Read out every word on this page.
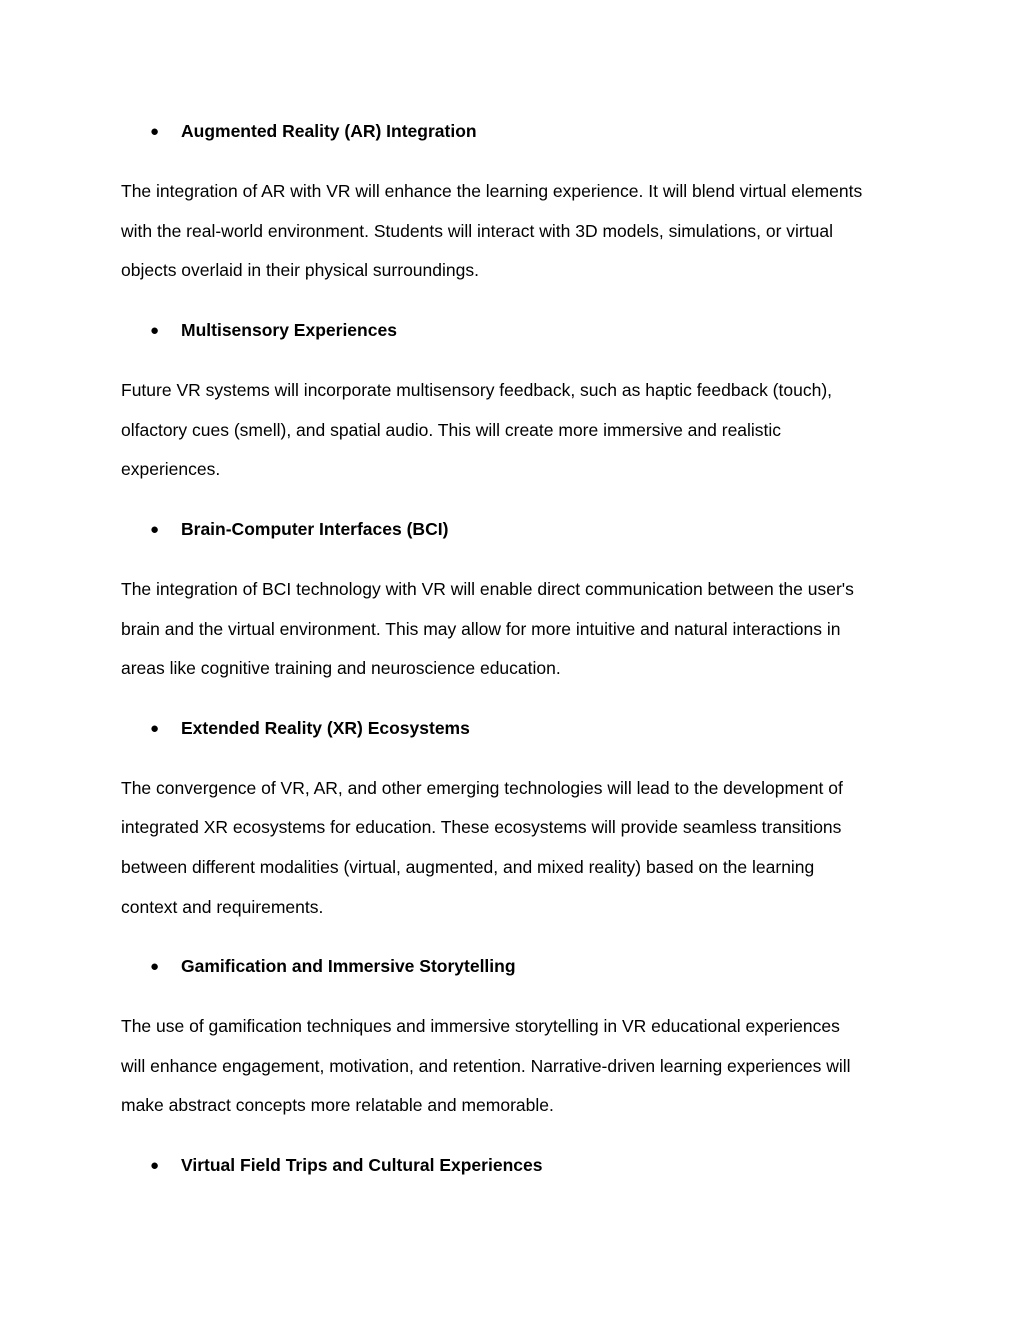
●	Augmented Reality (AR) Integration
The integration of AR with VR will enhance the learning experience. It will blend virtual elements
with the real-world environment. Students will interact with 3D models, simulations, or virtual
objects overlaid in their physical surroundings.
●	Multisensory Experiences
Future VR systems will incorporate multisensory feedback, such as haptic feedback (touch),
olfactory cues (smell), and spatial audio. This will create more immersive and realistic
experiences.
●	Brain-Computer Interfaces (BCI)
The integration of BCI technology with VR will enable direct communication between the user's
brain and the virtual environment. This may allow for more intuitive and natural interactions in
areas like cognitive training and neuroscience education.
●	Extended Reality (XR) Ecosystems
The convergence of VR, AR, and other emerging technologies will lead to the development of
integrated XR ecosystems for education. These ecosystems will provide seamless transitions
between different modalities (virtual, augmented, and mixed reality) based on the learning
context and requirements.
●	Gamification and Immersive Storytelling
The use of gamification techniques and immersive storytelling in VR educational experiences
will enhance engagement, motivation, and retention. Narrative-driven learning experiences will
make abstract concepts more relatable and memorable.
●	Virtual Field Trips and Cultural Experiences
